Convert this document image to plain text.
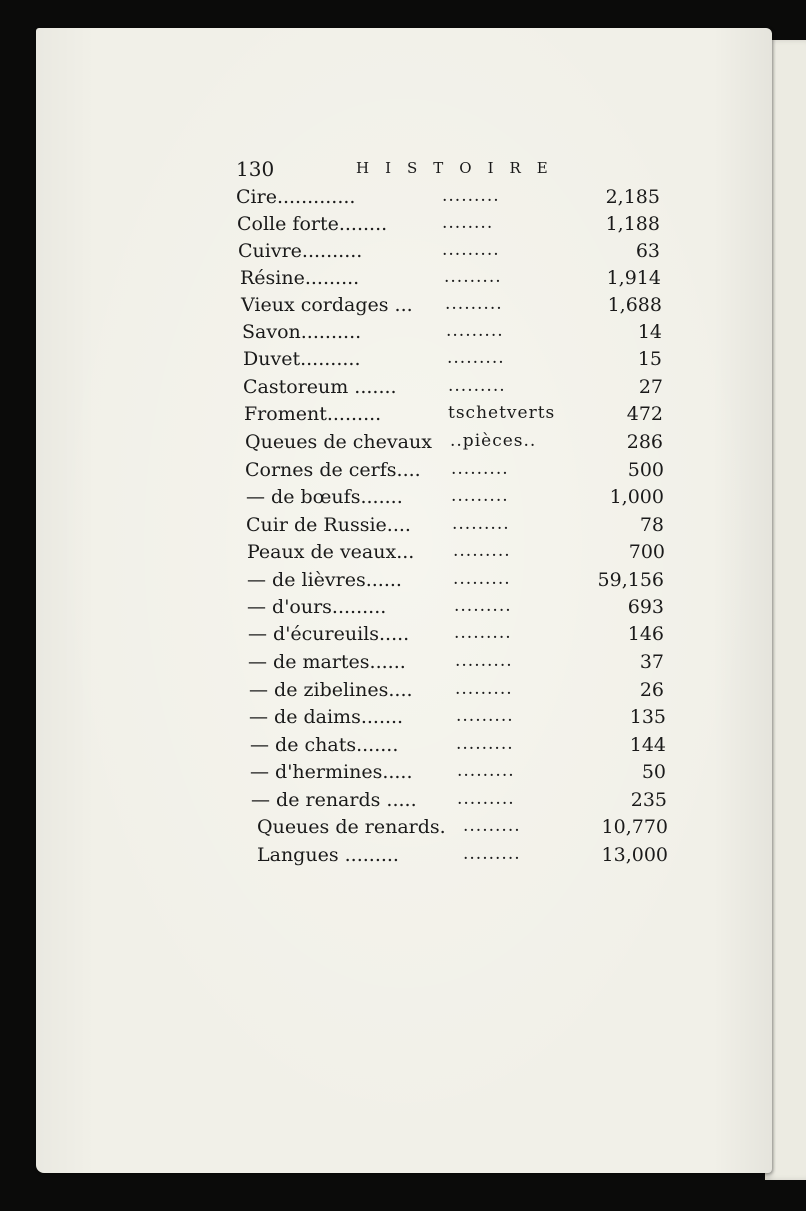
130	HISTOIRE
Cire.............	.........	2,185
Colle forte........	........	1,188
Cuivre..........	.........	63
Résine.........	.........	1,914
Vieux cordages ... .........	1,688
Savon..........	.........	14
Duvet..........	.........	15
Castoreum .......	.........	27
Froment.........	tschetverts	472
Queues de chevaux ..pièces..	286
Cornes de cerfs.... .........	500
— de bœufs.......	.........	1,000
Cuir de Russie.... .........	78
Peaux de veaux... .........	700
— de lièvres......	.........	59,156
— d'ours.........	.........	693
— d'écureuils.....	.........	146
— de martes......	.........	37
— de zibelines.... .........	26
— de daims.......	.........	135
— de chats.......	.........	144
— d'hermines.....	.........	50
— de renards ..... .........	235
Queues de renards. .........	10,770
Langues .........	.........	13,000
